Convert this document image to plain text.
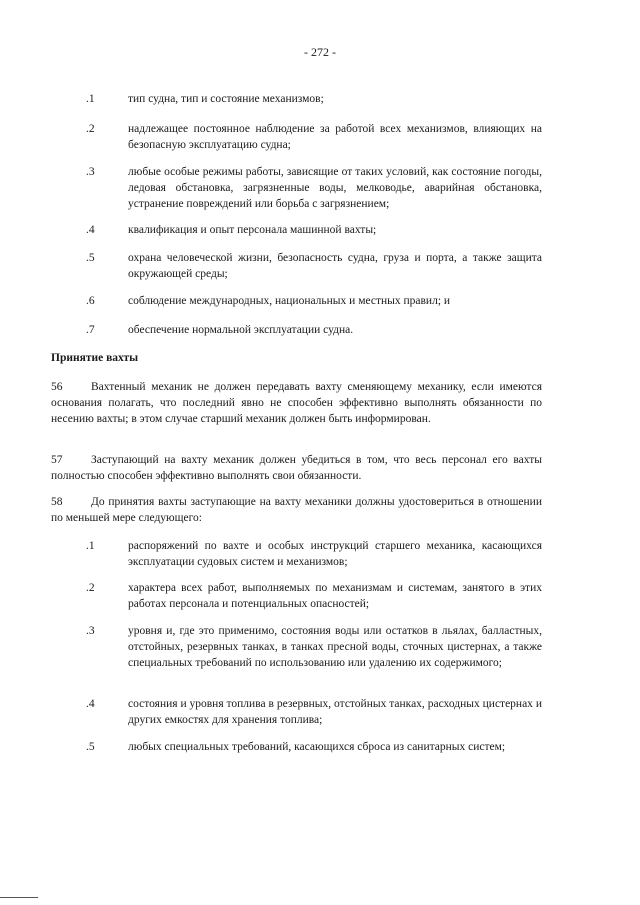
- 272 -
.1	тип судна, тип и состояние механизмов;
.2	надлежащее постоянное наблюдение за работой всех механизмов, влияющих на безопасную эксплуатацию судна;
.3	любые особые режимы работы, зависящие от таких условий, как состояние погоды, ледовая обстановка, загрязненные воды, мелководье, аварийная обстановка, устранение повреждений или борьба с загрязнением;
.4	квалификация и опыт персонала машинной вахты;
.5	охрана человеческой жизни, безопасность судна, груза и порта, а также защита окружающей среды;
.6	соблюдение международных, национальных и местных правил; и
.7	обеспечение нормальной эксплуатации судна.
Принятие вахты
56 Вахтенный механик не должен передавать вахту сменяющему механику, если имеются основания полагать, что последний явно не способен эффективно выполнять обязанности по несению вахты; в этом случае старший механик должен быть информирован.
57 Заступающий на вахту механик должен убедиться в том, что весь персонал его вахты полностью способен эффективно выполнять свои обязанности.
58 До принятия вахты заступающие на вахту механики должны удостовериться в отношении по меньшей мере следующего:
.1	распоряжений по вахте и особых инструкций старшего механика, касающихся эксплуатации судовых систем и механизмов;
.2	характера всех работ, выполняемых по механизмам и системам, занятого в этих работах персонала и потенциальных опасностей;
.3	уровня и, где это применимо, состояния воды или остатков в льялах, балластных, отстойных, резервных танках, в танках пресной воды, сточных цистернах, а также специальных требований по использованию или удалению их содержимого;
.4	состояния и уровня топлива в резервных, отстойных танках, расходных цистернах и других емкостях для хранения топлива;
.5	любых специальных требований, касающихся сброса из санитарных систем;
